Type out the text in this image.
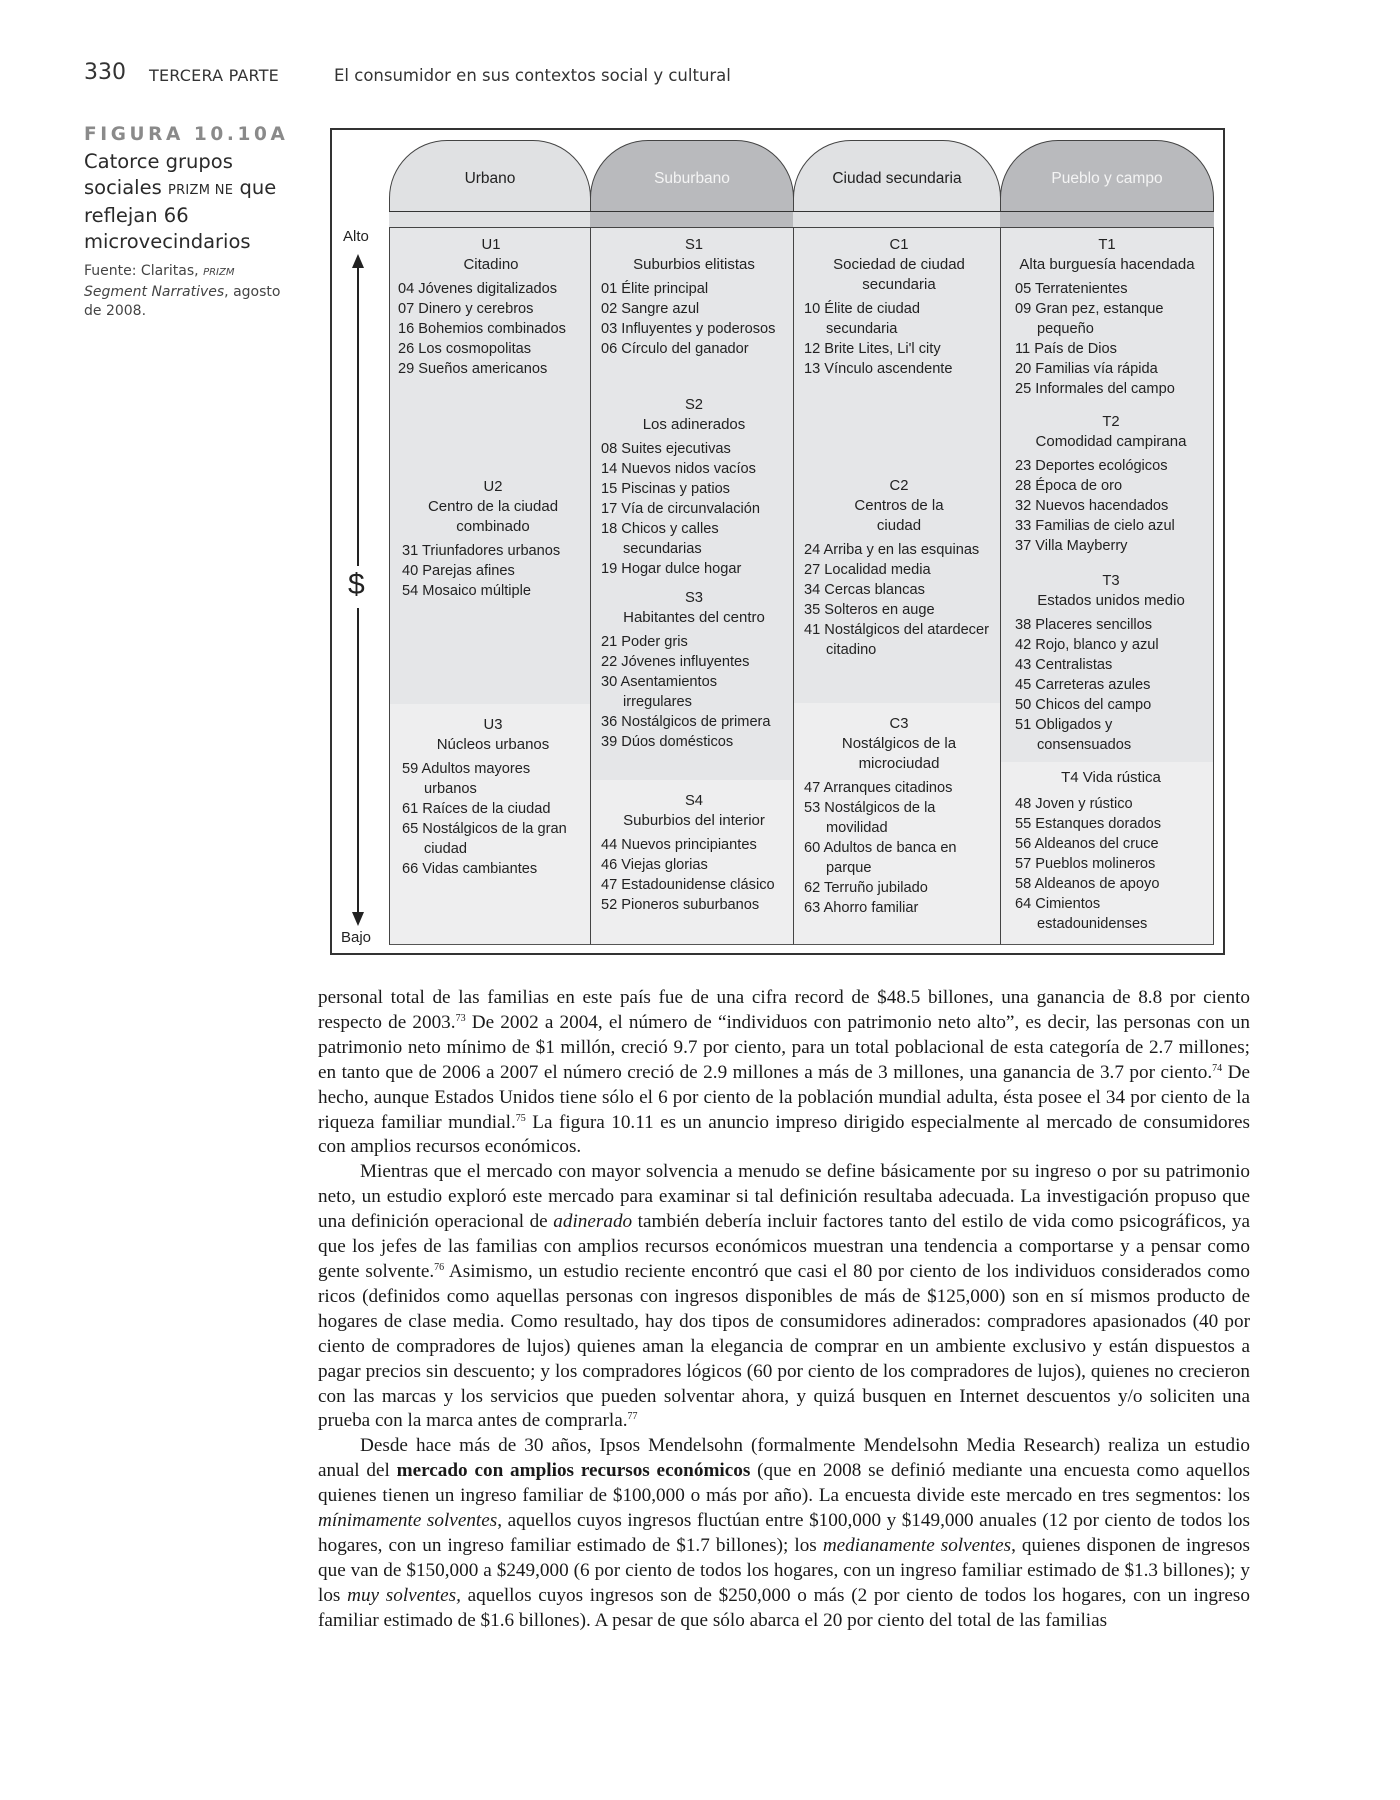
330 TERCERA PARTE	El consumidor en sus contextos social y cultural
FIGURA 10.10A
Catorce grupos sociales PRIZM NE que reflejan 66 microvecindarios
Fuente: Claritas, PRIZM Segment Narratives, agosto de 2008.
Urbano	Suburbano	Ciudad secundaria	Pueblo y campo
Alto
$
Bajo
U1
Citadino
04 Jóvenes digitalizados
07 Dinero y cerebros
16 Bohemios combinados
26 Los cosmopolitas
29 Sueños americanos
U2
Centro de la ciudad combinado
31 Triunfadores urbanos
40 Parejas afines
54 Mosaico múltiple
U3
Núcleos urbanos
59 Adultos mayores urbanos
61 Raíces de la ciudad
65 Nostálgicos de la gran ciudad
66 Vidas cambiantes
S1
Suburbios elitistas
01 Élite principal
02 Sangre azul
03 Influyentes y poderosos
06 Círculo del ganador
S2
Los adinerados
08 Suites ejecutivas
14 Nuevos nidos vacíos
15 Piscinas y patios
17 Vía de circunvalación
18 Chicos y calles secundarias
19 Hogar dulce hogar
S3
Habitantes del centro
21 Poder gris
22 Jóvenes influyentes
30 Asentamientos irregulares
36 Nostálgicos de primera
39 Dúos domésticos
S4
Suburbios del interior
44 Nuevos principiantes
46 Viejas glorias
47 Estadounidense clásico
52 Pioneros suburbanos
C1
Sociedad de ciudad secundaria
10 Élite de ciudad secundaria
12 Brite Lites, Li'l city
13 Vínculo ascendente
C2
Centros de la ciudad
24 Arriba y en las esquinas
27 Localidad media
34 Cercas blancas
35 Solteros en auge
41 Nostálgicos del atardecer citadino
C3
Nostálgicos de la microciudad
47 Arranques citadinos
53 Nostálgicos de la movilidad
60 Adultos de banca en parque
62 Terruño jubilado
63 Ahorro familiar
T1
Alta burguesía hacendada
05 Terratenientes
09 Gran pez, estanque pequeño
11 País de Dios
20 Familias vía rápida
25 Informales del campo
T2
Comodidad campirana
23 Deportes ecológicos
28 Época de oro
32 Nuevos hacendados
33 Familias de cielo azul
37 Villa Mayberry
T3
Estados unidos medio
38 Placeres sencillos
42 Rojo, blanco y azul
43 Centralistas
45 Carreteras azules
50 Chicos del campo
51 Obligados y consensuados
T4 Vida rústica
48 Joven y rústico
55 Estanques dorados
56 Aldeanos del cruce
57 Pueblos molineros
58 Aldeanos de apoyo
64 Cimientos estadounidenses

personal total de las familias en este país fue de una cifra record de $48.5 billones, una ganancia de 8.8 por ciento respecto de 2003.73 De 2002 a 2004, el número de “individuos con patrimonio neto alto”, es decir, las personas con un patrimonio neto mínimo de $1 millón, creció 9.7 por ciento, para un total poblacional de esta categoría de 2.7 millones; en tanto que de 2006 a 2007 el número creció de 2.9 millones a más de 3 millones, una ganancia de 3.7 por ciento.$^{74}$ De hecho, aunque Estados Unidos tiene sólo el 6 por ciento de la población mundial adulta, ésta posee el 34 por ciento de la riqueza familiar mundial.$^{75}$ La figura 10.11 es un anuncio impreso dirigido especialmente al mercado de consumidores con amplios recursos económicos.

Mientras que el mercado con mayor solvencia a menudo se define básicamente por su ingreso o por su patrimonio neto, un estudio exploró este mercado para examinar si tal definición resultaba adecuada. La investigación propuso que una definición operacional de adinerado también debería incluir factores tanto del estilo de vida como psicográficos, ya que los jefes de las familias con amplios recursos económicos muestran una tendencia a comportarse y a pensar como gente solvente.$^{76}$ Asimismo, un estudio reciente encontró que casi el 80 por ciento de los individuos considerados como ricos (definidos como aquellas personas con ingresos disponibles de más de $125,000) son en sí mismos producto de hogares de clase media. Como resultado, hay dos tipos de consumidores adinerados: compradores apasionados (40 por ciento de compradores de lujos) quienes aman la elegancia de comprar en un ambiente exclusivo y están dispuestos a pagar precios sin descuento; y los compradores lógicos (60 por ciento de los compradores de lujos), quienes no crecieron con las marcas y los servicios que pueden solventar ahora, y quizá busquen en Internet descuentos y/o soliciten una prueba con la marca antes de comprarla.$^{77}$

Desde hace más de 30 años, Ipsos Mendelsohn (formalmente Mendelsohn Media Research) realiza un estudio anual del mercado con amplios recursos económicos (que en 2008 se definió mediante una encuesta como aquellos quienes tienen un ingreso familiar de $100,000 o más por año). La encuesta divide este mercado en tres segmentos: los mínimamente solventes, aquellos cuyos ingresos fluctúan entre $100,000 y $149,000 anuales (12 por ciento de todos los hogares, con un ingreso familiar estimado de $1.7 billones); los medianamente solventes, quienes disponen de ingresos que van de $150,000 a $249,000 (6 por ciento de todos los hogares, con un ingreso familiar estimado de $1.3 billones); y los muy solventes, aquellos cuyos ingresos son de $250,000 o más (2 por ciento de todos los hogares, con un ingreso familiar estimado de $1.6 billones). A pesar de que sólo abarca el 20 por ciento del total de las familias
